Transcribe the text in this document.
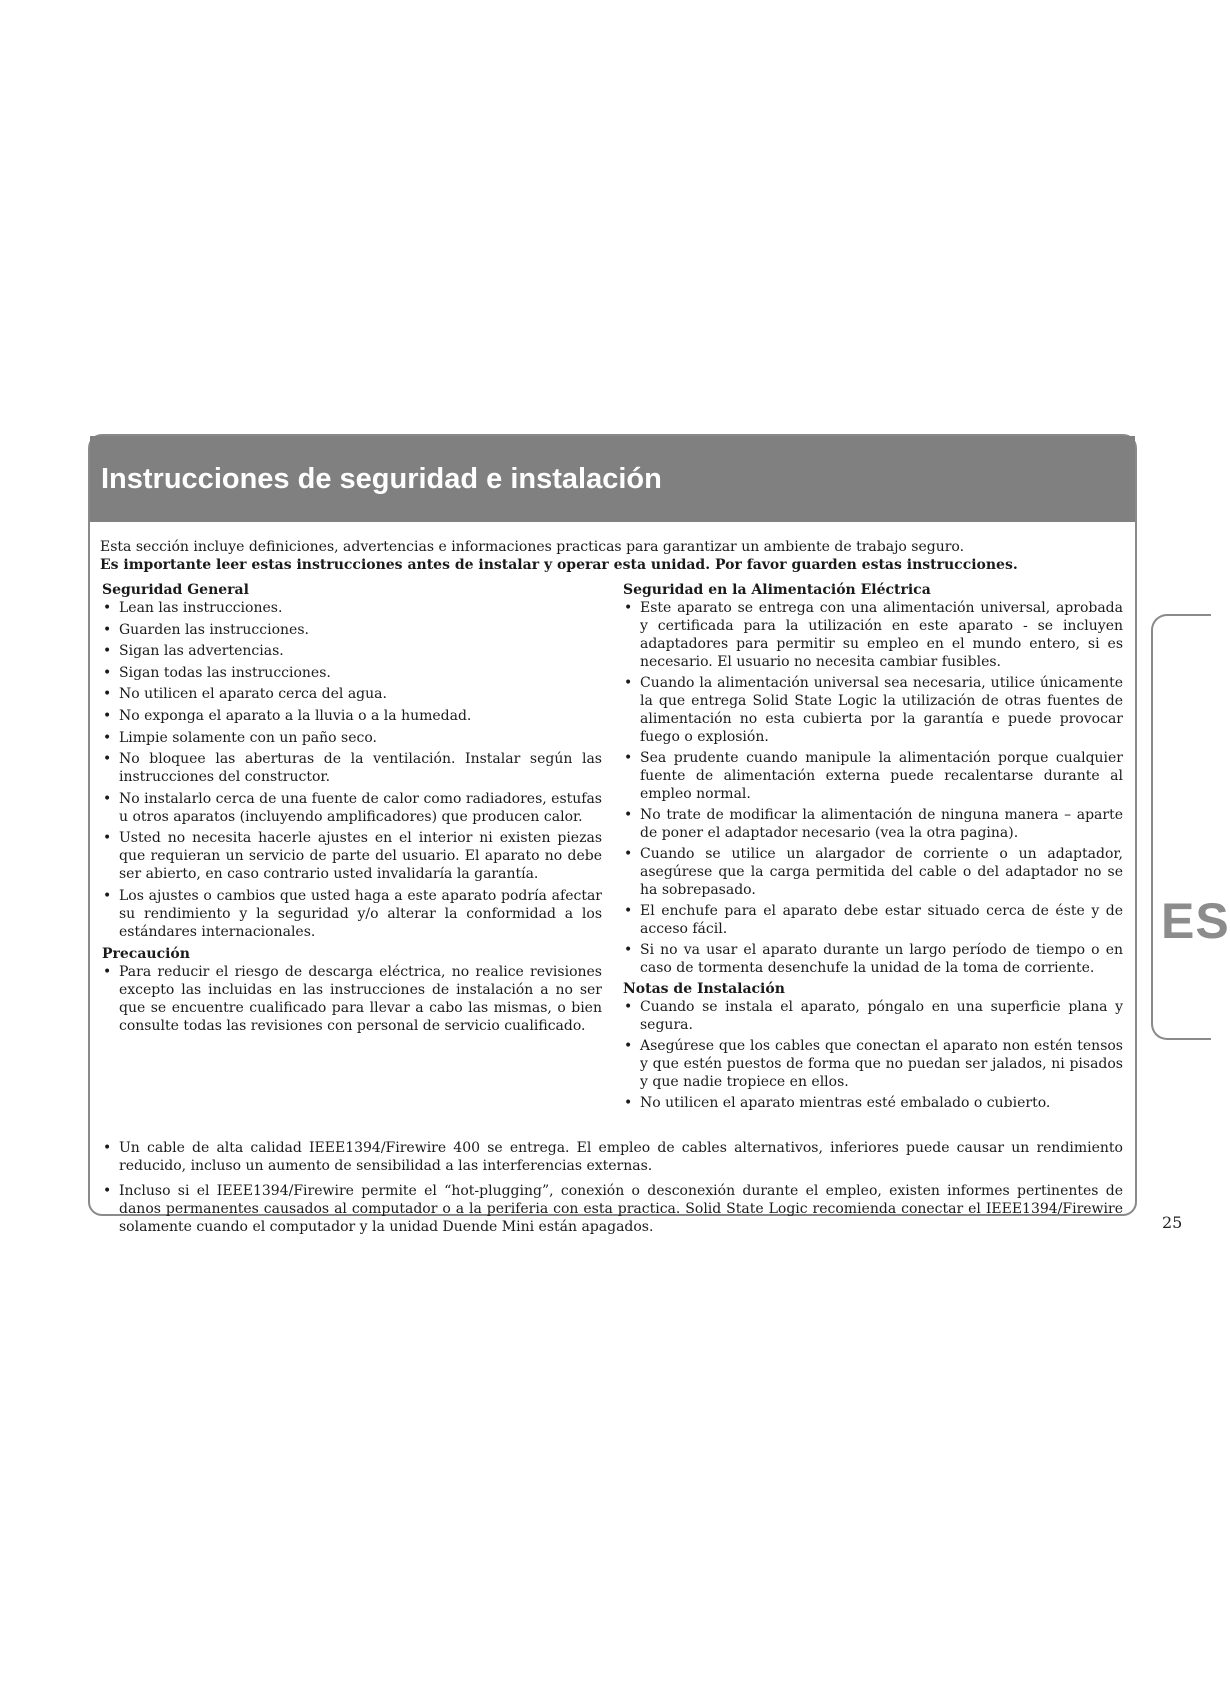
Instrucciones de seguridad e instalación

Esta sección incluye definiciones, advertencias e informaciones practicas para garantizar un ambiente de trabajo seguro.

Es importante leer estas instrucciones antes de instalar y operar esta unidad. Por favor guarden estas instrucciones.

Seguridad General

• Lean las instrucciones.
• Guarden las instrucciones.
• Sigan las advertencias.
• Sigan todas las instrucciones.
• No utilicen el aparato cerca del agua.
• No exponga el aparato a la lluvia o a la humedad.
• Limpie solamente con un paño seco.
• No bloquee las aberturas de la ventilación. Instalar según las instrucciones del constructor.
• No instalarlo cerca de una fuente de calor como radiadores, estufas u otros aparatos (incluyendo amplificadores) que producen calor.
• Usted no necesita hacerle ajustes en el interior ni existen piezas que requieran un servicio de parte del usuario. El aparato no debe ser abierto, en caso contrario usted invalidaría la garantía.
• Los ajustes o cambios que usted haga a este aparato podría afectar su rendimiento y la seguridad y/o alterar la conformidad a los estándares internacionales.

Precaución

• Para reducir el riesgo de descarga eléctrica, no realice revisiones excepto las incluidas en las instrucciones de instalación a no ser que se encuentre cualificado para llevar a cabo las mismas, o bien consulte todas las revisiones con personal de servicio cualificado.

Seguridad en la Alimentación Eléctrica

• Este aparato se entrega con una alimentación universal, aprobada y certificada para la utilización en este aparato - se incluyen adaptadores para permitir su empleo en el mundo entero, si es necesario. El usuario no necesita cambiar fusibles.
• Cuando la alimentación universal sea necesaria, utilice únicamente la que entrega Solid State Logic la utilización de otras fuentes de alimentación no esta cubierta por la garantía e puede provocar fuego o explosión.
• Sea prudente cuando manipule la alimentación porque cualquier fuente de alimentación externa puede recalentarse durante al empleo normal.
• No trate de modificar la alimentación de ninguna manera – aparte de poner el adaptador necesario (vea la otra pagina).
• Cuando se utilice un alargador de corriente o un adaptador, asegúrese que la carga permitida del cable o del adaptador no se ha sobrepasado.
• El enchufe para el aparato debe estar situado cerca de éste y de acceso fácil.
• Si no va usar el aparato durante un largo período de tiempo o en caso de tormenta desenchufe la unidad de la toma de corriente.

Notas de Instalación

• Cuando se instala el aparato, póngalo en una superficie plana y segura.
• Asegúrese que los cables que conectan el aparato non estén tensos y que estén puestos de forma que no puedan ser jalados, ni pisados y que nadie tropiece en ellos.
• No utilicen el aparato mientras esté embalado o cubierto.
• Un cable de alta calidad IEEE1394/Firewire 400 se entrega. El empleo de cables alternativos, inferiores puede causar un rendimiento reducido, incluso un aumento de sensibilidad a las interferencias externas.
• Incluso si el IEEE1394/Firewire permite el “hot-plugging”, conexión o desconexión durante el empleo, existen informes pertinentes de danos permanentes causados al computador o a la periferia con esta practica. Solid State Logic recomienda conectar el IEEE1394/Firewire solamente cuando el computador y la unidad Duende Mini están apagados.
ES
25
